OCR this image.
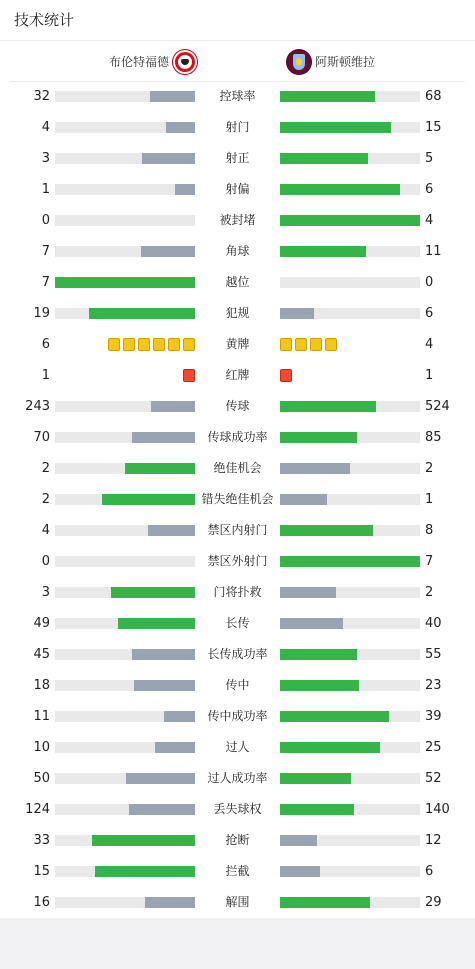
技术统计
布伦特福德	阿斯顿维拉
32	控球率	68
4	射门	15
3	射正	5
1	射偏	6
0	被封堵	4
7	角球	11
7	越位	0
19	犯规	6
6	黄牌	4
1	红牌	1
243	传球	524
70	传球成功率	85
2	绝佳机会	2
2	错失绝佳机会	1
4	禁区内射门	8
0	禁区外射门	7
3	门将扑救	2
49	长传	40
45	长传成功率	55
18	传中	23
11	传中成功率	39
10	过人	25
50	过人成功率	52
124	丢失球权	140
33	抢断	12
15	拦截	6
16	解围	29
